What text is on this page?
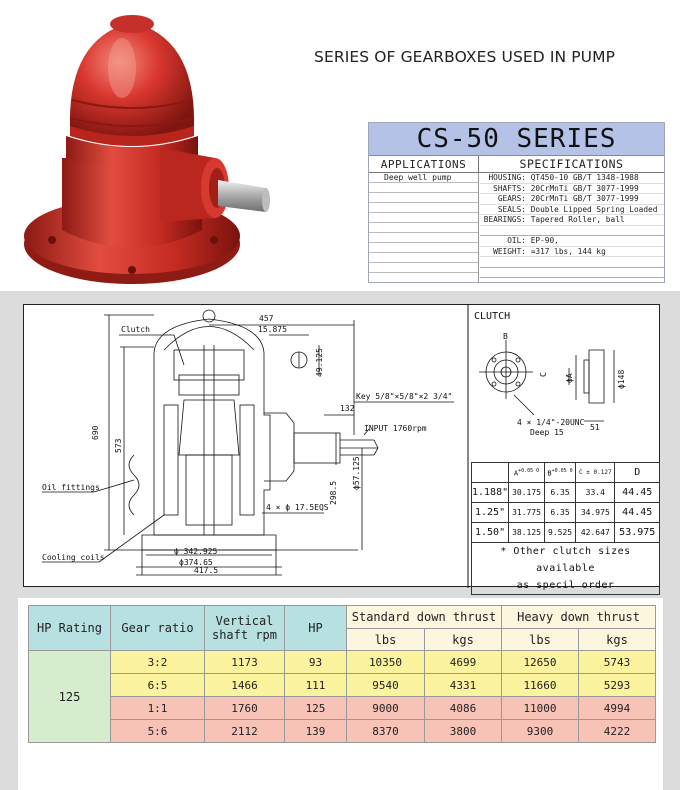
SERIES OF GEARBOXES USED IN PUMP
CS-50 SERIES
APPLICATIONS	SPECIFICATIONS
Deep well pump	HOUSING: QT450-10 GB/T 1348-1988
SHAFTS: 20CrMnTi GB/T 3077-1999
GEARS: 20CrMnTi GB/T 3077-1999
SEALS: Double Lipped Spring Loaded
BEARINGS: Tapered Roller, ball
OIL: EP-90,
WEIGHT: ≈317 lbs, 144 kg
Clutch
Oil fittings
Cooling coils
Key 5/8"×5/8"×2 3/4"
INPUT 1760rpm
4 × ϕ 17.5EQS
457
15.875
49.125
132
690
573
ϕ57.125
298.5
ϕ 342.925
ϕ374.65
417.5
CLUTCH
B
C ϕA	ϕ148
51
4 × 1/4"-20UNC
Deep 15
	$A^{+0.05 0}$	$B^{+0.05 0}$	C ± 0.127	D
1.188"	30.175	6.35	33.4	44.45
1.25"	31.775	6.35	34.975	44.45
1.50"	38.125	9.525	42.647	53.975

* Other clutch sizes available
as specil order				
HP Rating	Gear ratio	Vertical shaft rpm	HP	Standard down thrust		Heavy down thrust	
				lbs	kgs	lbs	kgs
125	3:2	1173	93	10350	4699	12650	5743
	6:5	1466	111	9540	4331	11660	5293
	1:1	1760	125	9000	4086	11000	4994
	5:6	2112	139	8370	3800	9300	4222
